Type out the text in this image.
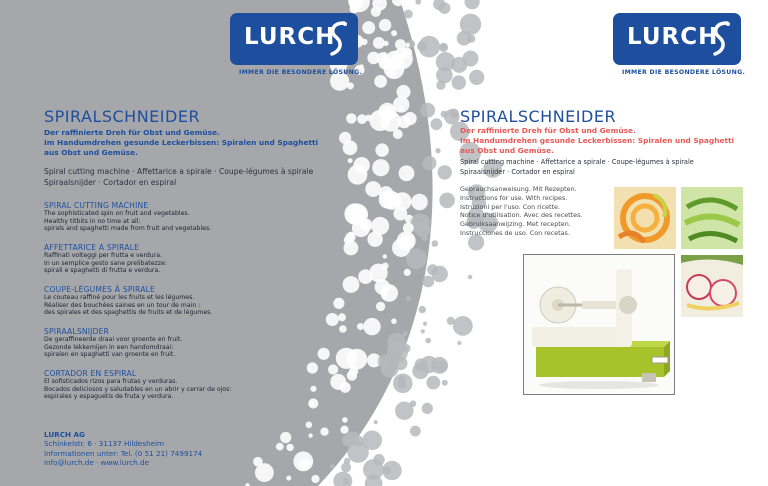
LURCH
IMMER DIE BESONDERE LÖSUNG.
LURCH
IMMER DIE BESONDERE LÖSUNG.
SPIRALSCHNEIDER
Der raffinierte Dreh für Obst und Gemüse.
Im Handumdrehen gesunde Leckerbissen: Spiralen und Spaghetti
aus Obst und Gemüse.
Spiral cutting machine · Affettarice a spirale · Coupe-légumes à spirale
Spiraalsnijder · Cortador en espiral
SPIRAL CUTTING MACHINE
The sophisticated spin on fruit and vegetables.
Healthy titbits in no time at all:
spirals and spaghetti made from fruit and vegetables.
AFFETTARICE A SPIRALE
Raffinati volteggi per frutta e verdura.
In un semplice gesto sane prelibatezze:
spirali e spaghetti di frutta e verdura.
COUPE-LÉGUMES À SPIRALE
Le couteau raffiné pour les fruits et les légumes.
Réaliser des bouchées saines en un tour de main :
des spirales et des spaghettis de fruits et de légumes.
SPIRAALSNIJDER
De geraffineerde draai voor groente en fruit.
Gezonde lekkernijen in een handomdraai:
spiralen en spaghetti van groente en fruit.
CORTADOR EN ESPIRAL
El sofisticados rizos para frutas y verduras.
Bocados deliciosos y saludables en un abrir y cerrar de ojos:
espirales y espaguetis de fruta y verdura.
LURCH AG
Schinkelstr. 6 · 31137 Hildesheim
Informationen unter: Tel. (0 51 21) 7499174
info@lurch.de · www.lurch.de
SPIRALSCHNEIDER
Der raffinierte Dreh für Obst und Gemüse.
Im Handumdrehen gesunde Leckerbissen: Spiralen und Spaghetti
aus Obst und Gemüse.
Spiral cutting machine · Affettarice a spirale · Coupe-légumes à spirale
Spiraalsnijder · Cortador en espiral
Gebrauchsanweisung. Mit Rezepten.
Instructions for use. With recipes.
Istruzioni per l'uso. Con ricette.
Notice d'utilisation. Avec des recettes.
Gebruiksaanwijzing. Met recepten.
Instrucciones de uso. Con recetas.
